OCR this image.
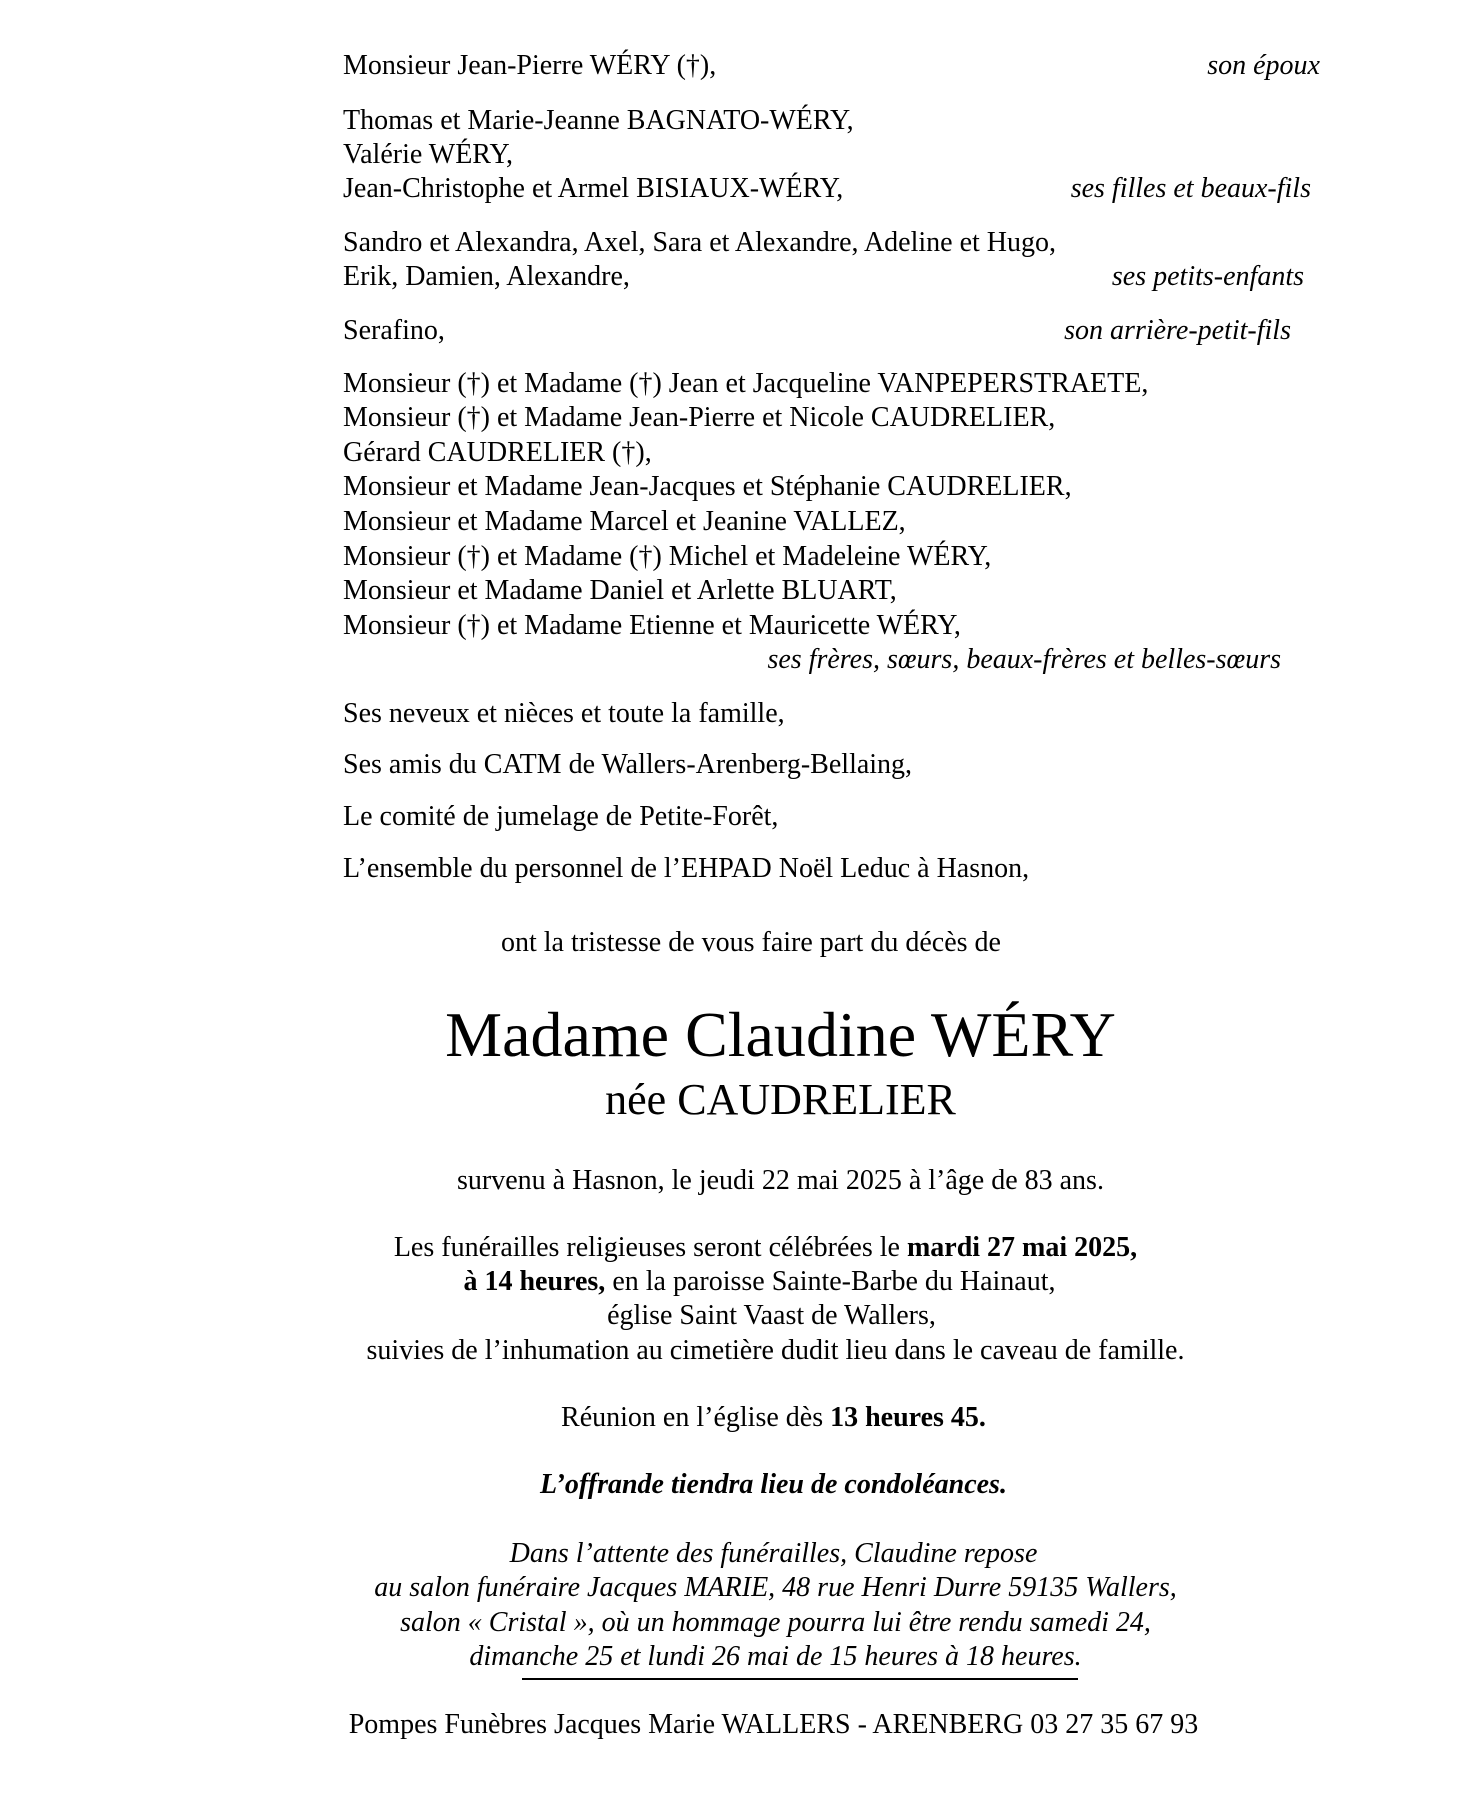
Monsieur Jean-Pierre WÉRY (†),	son époux
Thomas et Marie-Jeanne BAGNATO-WÉRY,
Valérie WÉRY,
Jean-Christophe et Armel BISIAUX-WÉRY,	ses filles et beaux-fils
Sandro et Alexandra, Axel, Sara et Alexandre, Adeline et Hugo,
Erik, Damien, Alexandre,	ses petits-enfants
Serafino,	son arrière-petit-fils
Monsieur (†) et Madame (†) Jean et Jacqueline VANPEPERSTRAETE,
Monsieur (†) et Madame Jean-Pierre et Nicole CAUDRELIER,
Gérard CAUDRELIER (†),
Monsieur et Madame Jean-Jacques et Stéphanie CAUDRELIER,
Monsieur et Madame Marcel et Jeanine VALLEZ,
Monsieur (†) et Madame (†) Michel et Madeleine WÉRY,
Monsieur et Madame Daniel et Arlette BLUART,
Monsieur (†) et Madame Etienne et Mauricette WÉRY,
ses frères, sœurs, beaux-frères et belles-sœurs
Ses neveux et nièces et toute la famille,
Ses amis du CATM de Wallers-Arenberg-Bellaing,
Le comité de jumelage de Petite-Forêt,
L’ensemble du personnel de l’EHPAD Noël Leduc à Hasnon,
ont la tristesse de vous faire part du décès de
Madame Claudine WÉRY
née CAUDRELIER
survenu à Hasnon, le jeudi 22 mai 2025 à l’âge de 83 ans.
Les funérailles religieuses seront célébrées le mardi 27 mai 2025,
à 14 heures, en la paroisse Sainte-Barbe du Hainaut,
église Saint Vaast de Wallers,
suivies de l’inhumation au cimetière dudit lieu dans le caveau de famille.
Réunion en l’église dès 13 heures 45.
L’offrande tiendra lieu de condoléances.
Dans l’attente des funérailles, Claudine repose
au salon funéraire Jacques MARIE, 48 rue Henri Durre 59135 Wallers,
salon « Cristal », où un hommage pourra lui être rendu samedi 24,
dimanche 25 et lundi 26 mai de 15 heures à 18 heures.
Pompes Funèbres Jacques Marie WALLERS - ARENBERG 03 27 35 67 93
